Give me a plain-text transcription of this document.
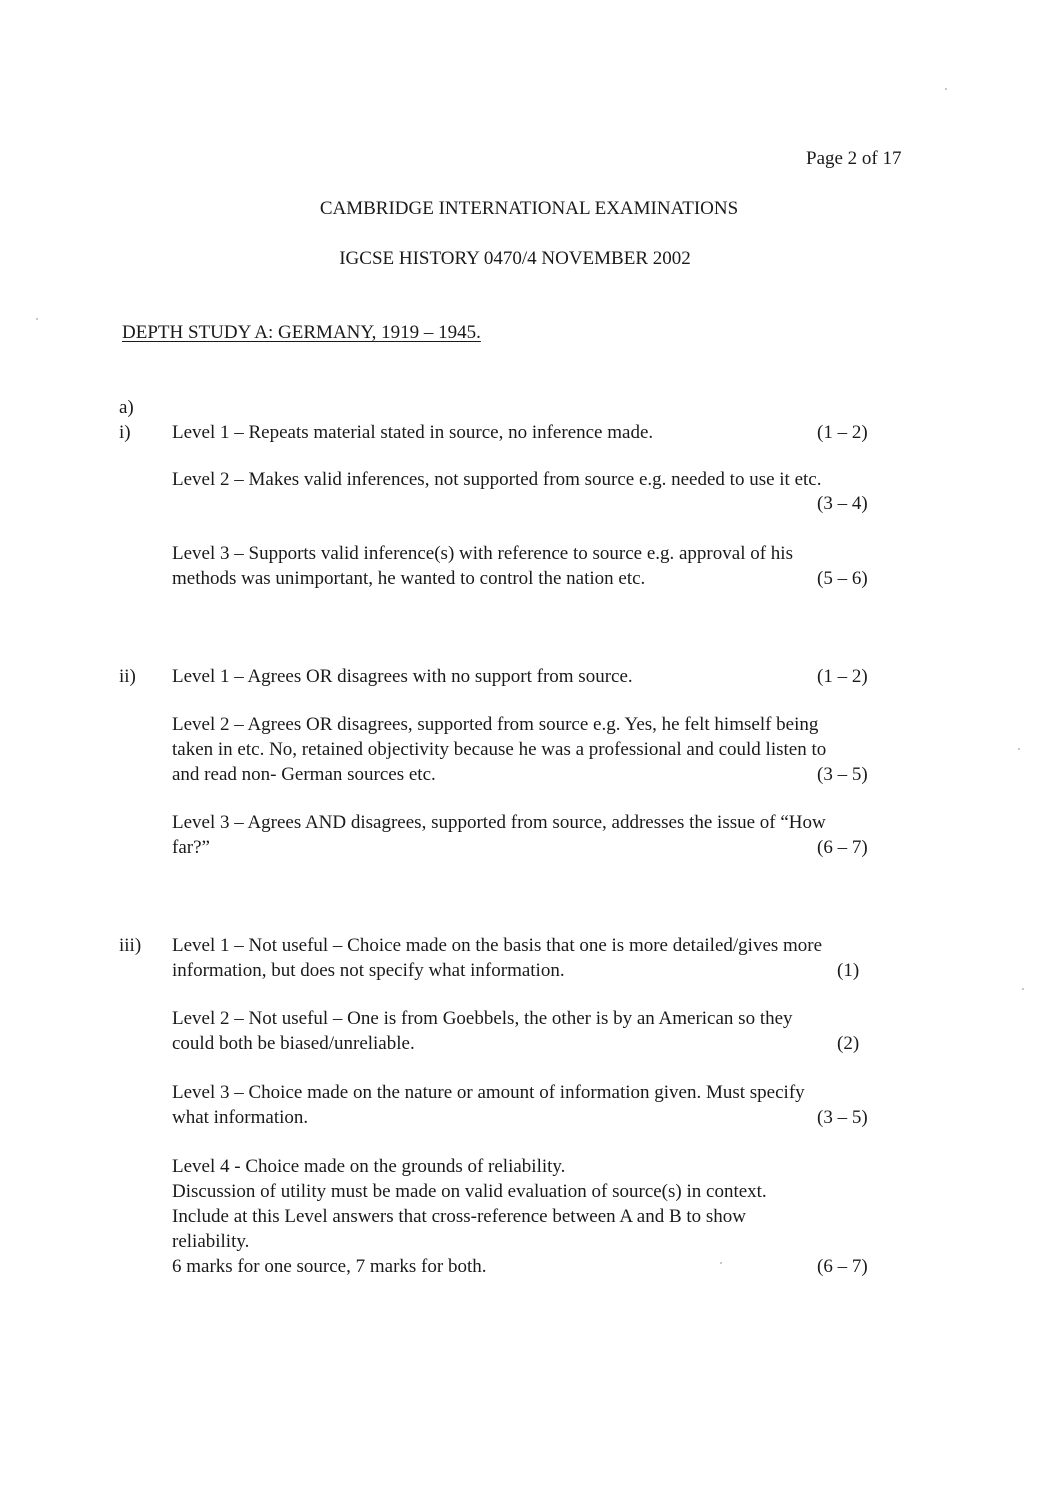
Page 2 of 17
CAMBRIDGE INTERNATIONAL EXAMINATIONS
IGCSE HISTORY 0470/4 NOVEMBER 2002
DEPTH STUDY A: GERMANY, 1919 – 1945.
a)
i) Level 1 – Repeats material stated in source, no inference made.	(1 – 2)
Level 2 – Makes valid inferences, not supported from source e.g. needed to use it etc.
(3 – 4)
Level 3 – Supports valid inference(s) with reference to source e.g. approval of his
methods was unimportant, he wanted to control the nation etc.	(5 – 6)
ii) Level 1 – Agrees OR disagrees with no support from source.	(1 – 2)
Level 2 – Agrees OR disagrees, supported from source e.g. Yes, he felt himself being
taken in etc. No, retained objectivity because he was a professional and could listen to
and read non- German sources etc.	(3 – 5)
Level 3 – Agrees AND disagrees, supported from source, addresses the issue of “How
far?”	(6 – 7)
iii) Level 1 – Not useful – Choice made on the basis that one is more detailed/gives more
information, but does not specify what information.	(1)
Level 2 – Not useful – One is from Goebbels, the other is by an American so they
could both be biased/unreliable.	(2)
Level 3 – Choice made on the nature or amount of information given. Must specify
what information.	(3 – 5)
Level 4 - Choice made on the grounds of reliability.
Discussion of utility must be made on valid evaluation of source(s) in context.
Include at this Level answers that cross-reference between A and B to show
reliability.
6 marks for one source, 7 marks for both.	(6 – 7)
